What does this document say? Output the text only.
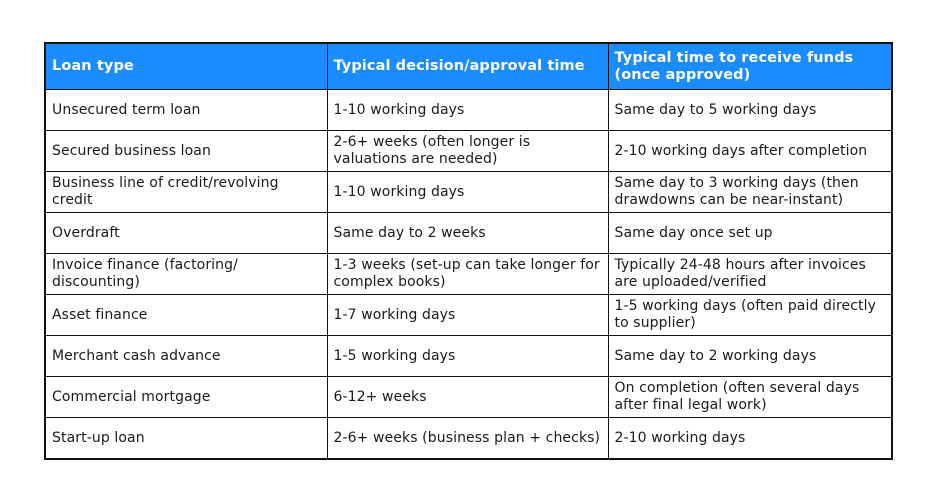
Loan type	Typical decision/approval time	Typical time to receive funds (once approved)
Unsecured term loan	1-10 working days	Same day to 5 working days
Secured business loan	2-6+ weeks (often longer is valuations are needed)	2-10 working days after completion
Business line of credit/revolving credit	1-10 working days	Same day to 3 working days (then drawdowns can be near-instant)
Overdraft	Same day to 2 weeks	Same day once set up
Invoice finance (factoring/ discounting)	1-3 weeks (set-up can take longer for complex books)	Typically 24-48 hours after invoices are uploaded/verified
Asset finance	1-7 working days	1-5 working days (often paid directly to supplier)
Merchant cash advance	1-5 working days	Same day to 2 working days
Commercial mortgage	6-12+ weeks	On completion (often several days after final legal work)
Start-up loan	2-6+ weeks (business plan + checks)	2-10 working days
